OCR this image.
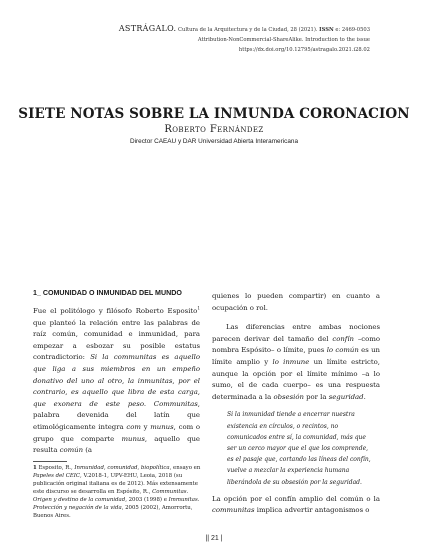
ASTRÁGALO. Cultura de la Arquitectura y de la Ciudad, 28 (2021). ISSN e: 2469-0503
Attribution-NonCommercial-ShareAlike. Introduction to the issue
https://dx.doi.org/10.12795/astragalo.2021.i28.02
SIETE NOTAS SOBRE LA INMUNDA CORONACION
Roberto Fernández
Director CAEAU y DAR Universidad Abierta Interamericana
1_ COMUNIDAD O INMUNIDAD DEL MUNDO

Fue el politólogo y filósofo Roberto Esposito$^1$ que planteó la relación entre las palabras de raíz común, comunidad e inmunidad, para empezar a esbozar su posible estatus contradictorio: Si la communitas es aquello que liga a sus miembros en un empeño donativo del uno al otro, la inmunitas, por el contrario, es aquello que libra de esta carga, que exonera de este peso. Communitas, palabra devenida del latín que etimológicamente integra com y munus, com o grupo que comparte munus, aquello que resulta común (a

quienes lo pueden compartir) en cuanto a ocupación o rol.

Las diferencias entre ambas nociones parecen derivar del tamaño del confín –como nombra Espósito– o límite, pues lo común es un límite amplio y lo inmune un límite estricto, aunque la opción por el límite mínimo –a lo sumo, el de cada cuerpo– es una respuesta determinada a la obsesión por la seguridad.

Si la inmunidad tiende a encerrar nuestra existencia en círculos, o recintos, no comunicados entre sí, la comunidad, más que ser un cerco mayor que el que los comprende, es el pasaje que, cortando las líneas del confín, vuelve a mezclar la experiencia humana liberándola de su obsesión por la seguridad.

La opción por el confín amplio del común o la communitas implica advertir antagonismos o

1 Esposito, R., Inmunidad, comunidad, biopolítica, ensayo en Papeles del CEIC, V.2018-1, UPV-EHU, Leoia, 2018 (su publicación original italiana es de 2012). Más extensamente este discurso se desarrolla en Espósito, R., Communitas. Origen y destino de la comunidad, 2003 (1998) e Immunitas. Protección y negación de la vida, 2005 (2002), Amorrortu, Buenos Aires.
|| 21 |
